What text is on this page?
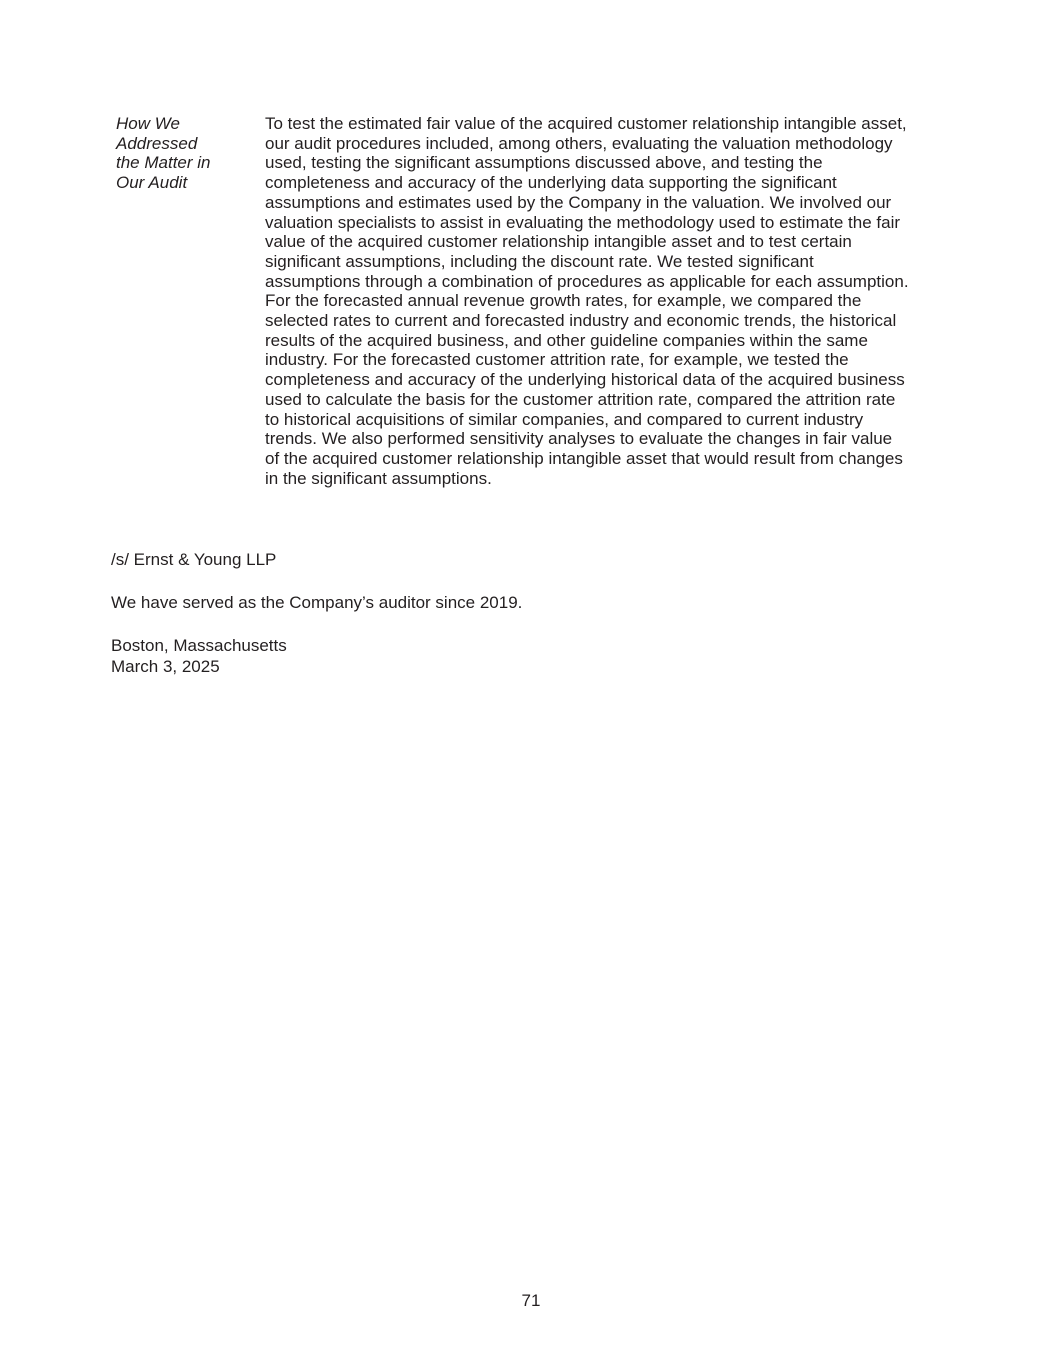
How We
Addressed
the Matter in
Our Audit
To test the estimated fair value of the acquired customer relationship intangible asset,
our audit procedures included, among others, evaluating the valuation methodology
used, testing the significant assumptions discussed above, and testing the
completeness and accuracy of the underlying data supporting the significant
assumptions and estimates used by the Company in the valuation. We involved our
valuation specialists to assist in evaluating the methodology used to estimate the fair
value of the acquired customer relationship intangible asset and to test certain
significant assumptions, including the discount rate. We tested significant
assumptions through a combination of procedures as applicable for each assumption.
For the forecasted annual revenue growth rates, for example, we compared the
selected rates to current and forecasted industry and economic trends, the historical
results of the acquired business, and other guideline companies within the same
industry. For the forecasted customer attrition rate, for example, we tested the
completeness and accuracy of the underlying historical data of the acquired business
used to calculate the basis for the customer attrition rate, compared the attrition rate
to historical acquisitions of similar companies, and compared to current industry
trends. We also performed sensitivity analyses to evaluate the changes in fair value
of the acquired customer relationship intangible asset that would result from changes
in the significant assumptions.
/s/ Ernst & Young LLP
We have served as the Company’s auditor since 2019.
Boston, Massachusetts
March 3, 2025
71
